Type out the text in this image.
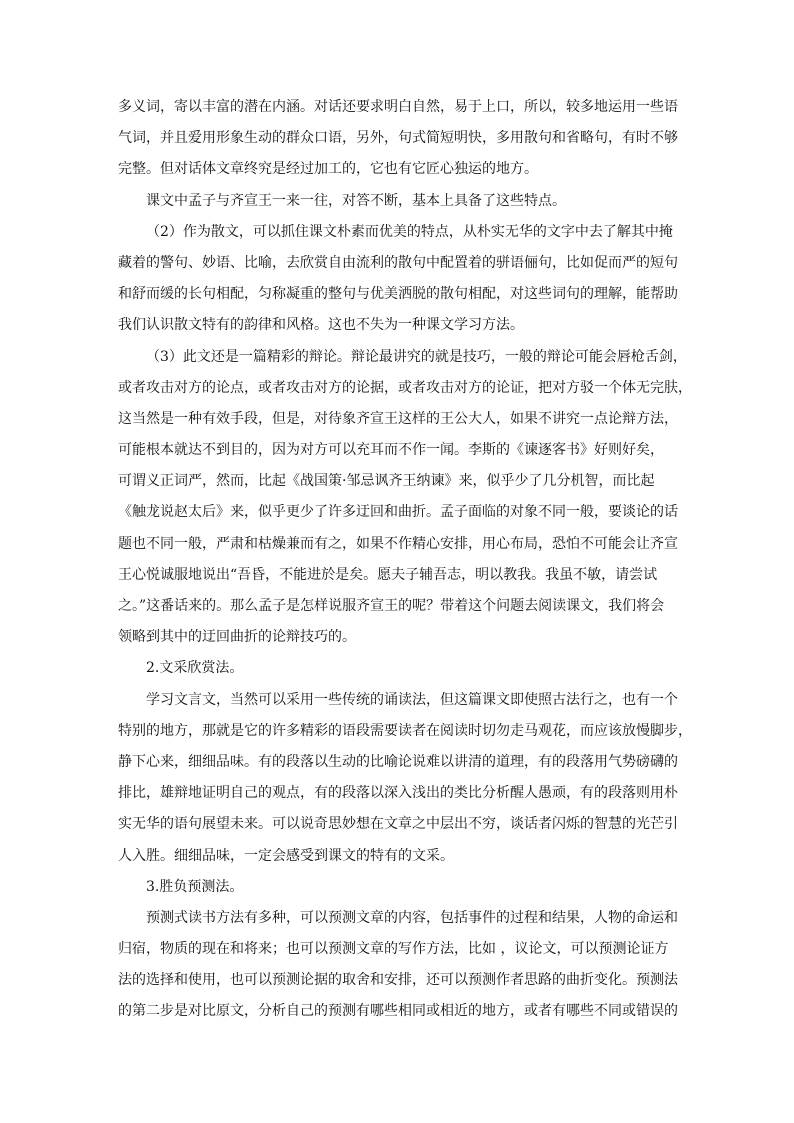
多义词，寄以丰富的潜在内涵。对话还要求明白自然，易于上口，所以，较多地运用一些语
气词，并且爱用形象生动的群众口语，另外，句式简短明快，多用散句和省略句，有时不够
完整。但对话体文章终究是经过加工的，它也有它匠心独运的地方。
课文中孟子与齐宣王一来一往，对答不断，基本上具备了这些特点。
（2）作为散文，可以抓住课文朴素而优美的特点，从朴实无华的文字中去了解其中掩
藏着的警句、妙语、比喻，去欣赏自由流利的散句中配置着的骈语俪句，比如促而严的短句
和舒而缓的长句相配，匀称凝重的整句与优美洒脱的散句相配，对这些词句的理解，能帮助
我们认识散文特有的韵律和风格。这也不失为一种课文学习方法。
（3）此文还是一篇精彩的辩论。辩论最讲究的就是技巧，一般的辩论可能会唇枪舌剑，
或者攻击对方的论点，或者攻击对方的论据，或者攻击对方的论证，把对方驳一个体无完肤，
这当然是一种有效手段，但是，对待象齐宣王这样的王公大人，如果不讲究一点论辩方法，
可能根本就达不到目的，因为对方可以充耳而不作一闻。李斯的《谏逐客书》好则好矣，
可谓义正词严，然而，比起《战国策·邹忌讽齐王纳谏》来，似乎少了几分机智，而比起
《触龙说赵太后》来，似乎更少了许多迂回和曲折。孟子面临的对象不同一般，要谈论的话
题也不同一般，严肃和枯燥兼而有之，如果不作精心安排，用心布局，恐怕不可能会让齐宣
王心悦诚服地说出“吾昏，不能进於是矣。愿夫子辅吾志，明以教我。我虽不敏，请尝试
之。”这番话来的。那么孟子是怎样说服齐宣王的呢？带着这个问题去阅读课文，我们将会
领略到其中的迂回曲折的论辩技巧的。
2.文采欣赏法。
学习文言文，当然可以采用一些传统的诵读法，但这篇课文即使照古法行之，也有一个
特别的地方，那就是它的许多精彩的语段需要读者在阅读时切勿走马观花，而应该放慢脚步，
静下心来，细细品味。有的段落以生动的比喻论说难以讲清的道理，有的段落用气势磅礴的
排比，雄辩地证明自己的观点，有的段落以深入浅出的类比分析醒人愚顽，有的段落则用朴
实无华的语句展望未来。可以说奇思妙想在文章之中层出不穷，谈话者闪烁的智慧的光芒引
人入胜。细细品味，一定会感受到课文的特有的文采。
3.胜负预测法。
预测式读书方法有多种，可以预测文章的内容，包括事件的过程和结果，人物的命运和
归宿，物质的现在和将来；也可以预测文章的写作方法，比如 ，议论文，可以预测论证方
法的选择和使用，也可以预测论据的取舍和安排，还可以预测作者思路的曲折变化。预测法
的第二步是对比原文，分析自己的预测有哪些相同或相近的地方，或者有哪些不同或错误的
